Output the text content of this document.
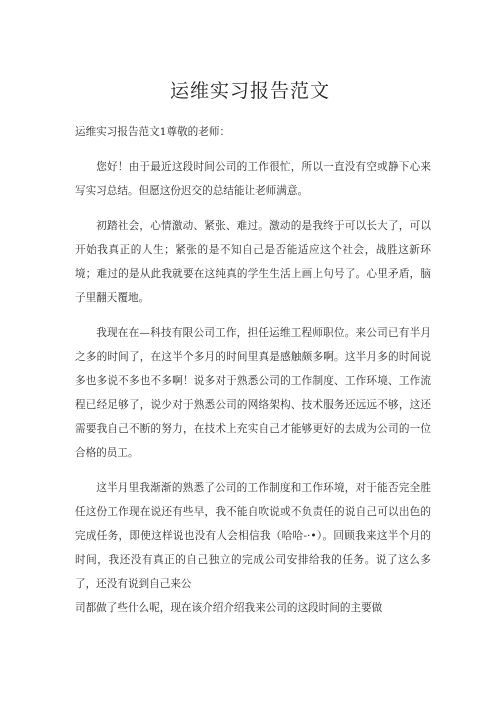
运维实习报告范文

运维实习报告范文1尊敬的老师：

您好！由于最近这段时间公司的工作很忙，所以一直没有空或静下心来写实习总结。但愿这份迟交的总结能让老师满意。

初踏社会，心情激动、紧张、难过。激动的是我终于可以长大了，可以开始我真正的人生；紧张的是不知自己是否能适应这个社会，战胜这新环境；难过的是从此我就要在这纯真的学生生活上画上句号了。心里矛盾，脑子里翻天覆地。

我现在在—科技有限公司工作，担任运维工程师职位。来公司已有半月之多的时间了，在这半个多月的时间里真是感触颇多啊。这半月多的时间说多也多说不多也不多啊！说多对于熟悉公司的工作制度、工作环境、工作流程已经足够了，说少对于熟悉公司的网络架构、技术服务还远远不够，这还需要我自己不断的努力，在技术上充实自己才能够更好的去成为公司的一位合格的员工。

这半月里我渐渐的熟悉了公司的工作制度和工作环境，对于能否完全胜任这份工作现在说还有些早，我不能自吹说或不负责任的说自己可以出色的完成任务，即使这样说也没有人会相信我（哈哈-·•）。回顾我来这半个月的时间，我还没有真正的自己独立的完成公司安排给我的任务。说了这么多了，还没有说到自己来公

司都做了些什么呢，现在该介绍介绍我来公司的这段时间的主要做
